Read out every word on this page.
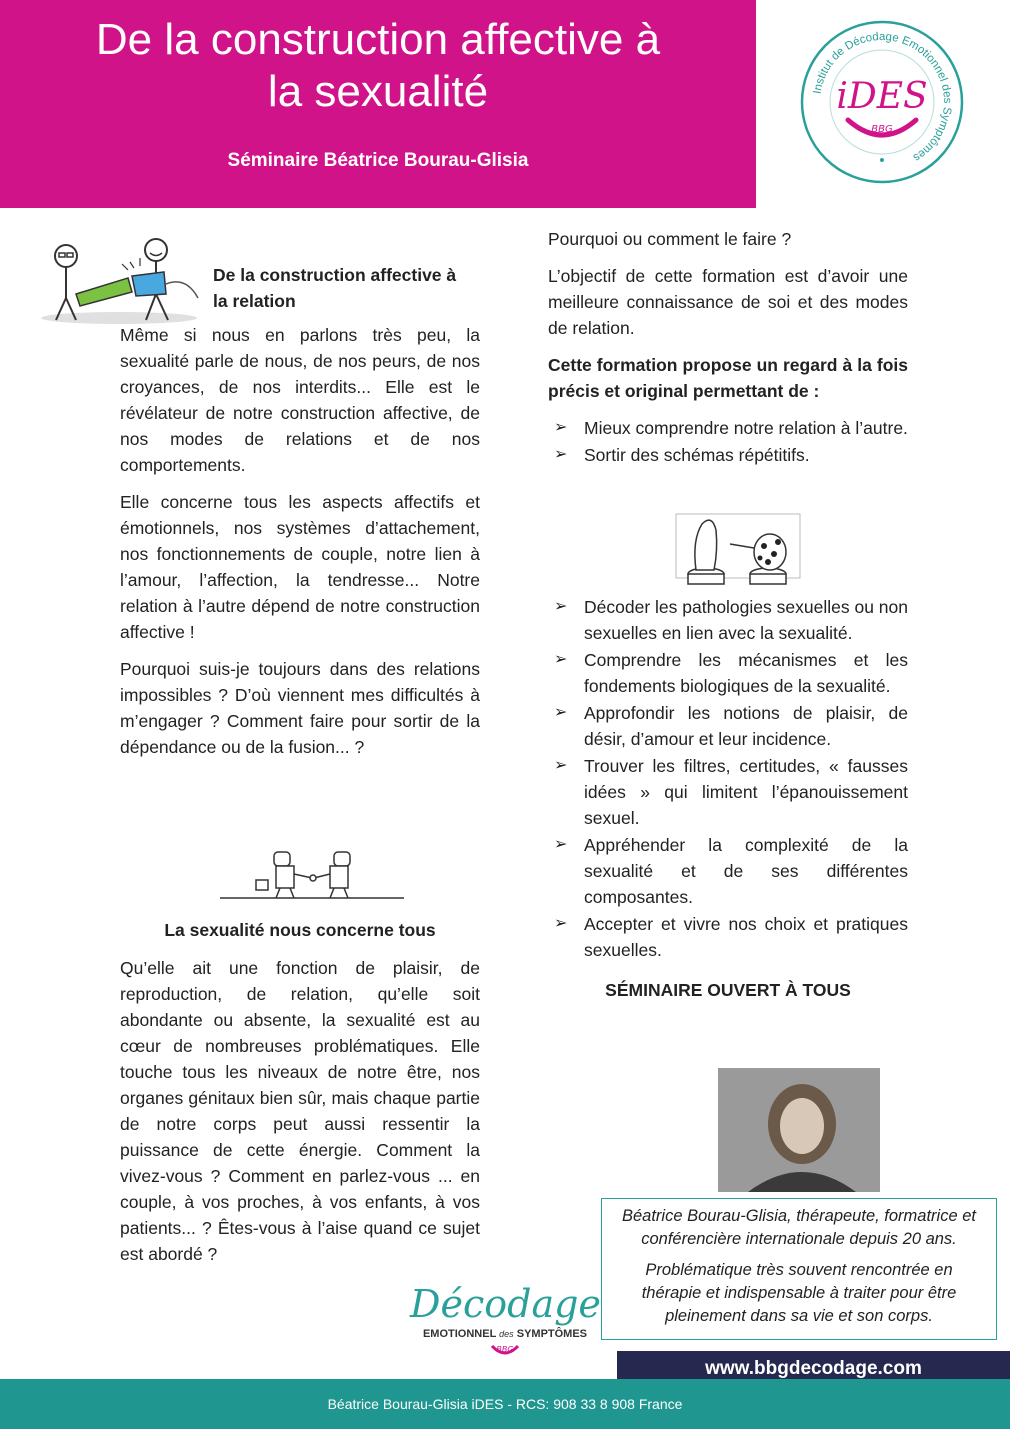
De la construction affective à
la sexualité
Séminaire Béatrice Bourau-Glisia
Institut de Décodage Emotionnel des Symptômes
iDES
BBG
De la construction affective à la relation

Même si nous en parlons très peu, la sexualité parle de nous, de nos peurs, de nos croyances, de nos interdits... Elle est le révélateur de notre construction affective, de nos modes de relations et de nos comportements.

Elle concerne tous les aspects affectifs et émotionnels, nos systèmes d’attachement, nos fonctionnements de couple, notre lien à l’amour, l’affection, la tendresse... Notre relation à l’autre dépend de notre construction affective !

Pourquoi suis-je toujours dans des relations impossibles ? D’où viennent mes difficultés à m’engager ? Comment faire pour sortir de la dépendance ou de la fusion... ?

La sexualité nous concerne tous

Qu’elle ait une fonction de plaisir, de reproduction, de relation, qu’elle soit abondante ou absente, la sexualité est au cœur de nombreuses problématiques. Elle touche tous les niveaux de notre être, nos organes génitaux bien sûr, mais chaque partie de notre corps peut aussi ressentir la puissance de cette énergie. Comment la vivez-vous ? Comment en parlez-vous ... en couple, à vos proches, à vos enfants, à vos patients... ? Êtes-vous à l’aise quand ce sujet est abordé ?

Pourquoi ou comment le faire ?

L’objectif de cette formation est d’avoir une meilleure connaissance de soi et des modes de relation.

Cette formation propose un regard à la fois précis et original permettant de :

➢ Mieux comprendre notre relation à l’autre.
➢ Sortir des schémas répétitifs.
➢ Décoder les pathologies sexuelles ou non sexuelles en lien avec la sexualité.
➢ Comprendre les mécanismes et les fondements biologiques de la sexualité.
➢ Approfondir les notions de plaisir, de désir, d’amour et leur incidence.
➢ Trouver les filtres, certitudes, « fausses idées » qui limitent l’épanouissement sexuel.
➢ Appréhender la complexité de la sexualité et de ses différentes composantes.
➢ Accepter et vivre nos choix et pratiques sexuelles.
SÉMINAIRE OUVERT À TOUS

Béatrice Bourau-Glisia, thérapeute, formatrice et conférencière internationale depuis 20 ans.

Problématique très souvent rencontrée en thérapie et indispensable à traiter pour être pleinement dans sa vie et son corps.

Décodage
EMOTIONNEL des SYMPTÔMES
BBG
www.bbgdecodage.com
Béatrice Bourau-Glisia iDES - RCS: 908 33 8 908 France
